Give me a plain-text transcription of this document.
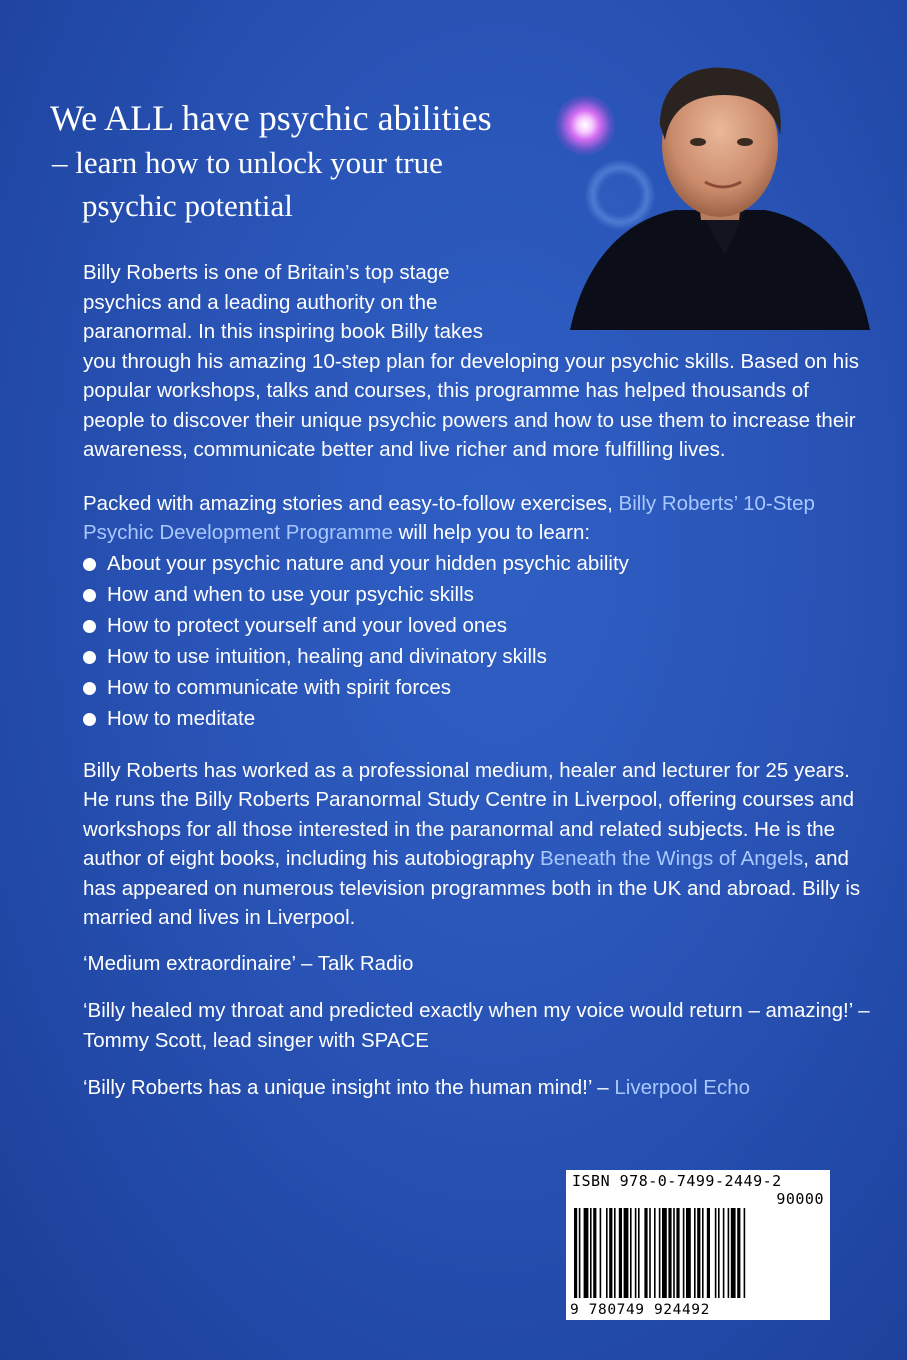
We ALL have psychic abilities
– learn how to unlock your true
psychic potential

Billy Roberts is one of Britain’s top stage
psychics and a leading authority on the
paranormal. In this inspiring book Billy takes
you through his amazing 10-step plan for developing your psychic skills. Based on his popular workshops, talks and courses, this programme has helped thousands of people to discover their unique psychic powers and how to use them to increase their awareness, communicate better and live richer and more fulfilling lives.

Packed with amazing stories and easy-to-follow exercises, Billy Roberts’ 10-Step Psychic Development Programme will help you to learn:

About your psychic nature and your hidden psychic ability
How and when to use your psychic skills
How to protect yourself and your loved ones
How to use intuition, healing and divinatory skills
How to communicate with spirit forces
How to meditate

Billy Roberts has worked as a professional medium, healer and lecturer for 25 years. He runs the Billy Roberts Paranormal Study Centre in Liverpool, offering courses and workshops for all those interested in the paranormal and related subjects. He is the author of eight books, including his autobiography Beneath the Wings of Angels, and has appeared on numerous television programmes both in the UK and abroad. Billy is married and lives in Liverpool.

‘Medium extraordinaire’ – Talk Radio

‘Billy healed my throat and predicted exactly when my voice would return – amazing!’ – Tommy Scott, lead singer with SPACE

‘Billy Roberts has a unique insight into the human mind!’ – Liverpool Echo

ISBN 978-0-7499-2449-2
90000
9 780749 924492
